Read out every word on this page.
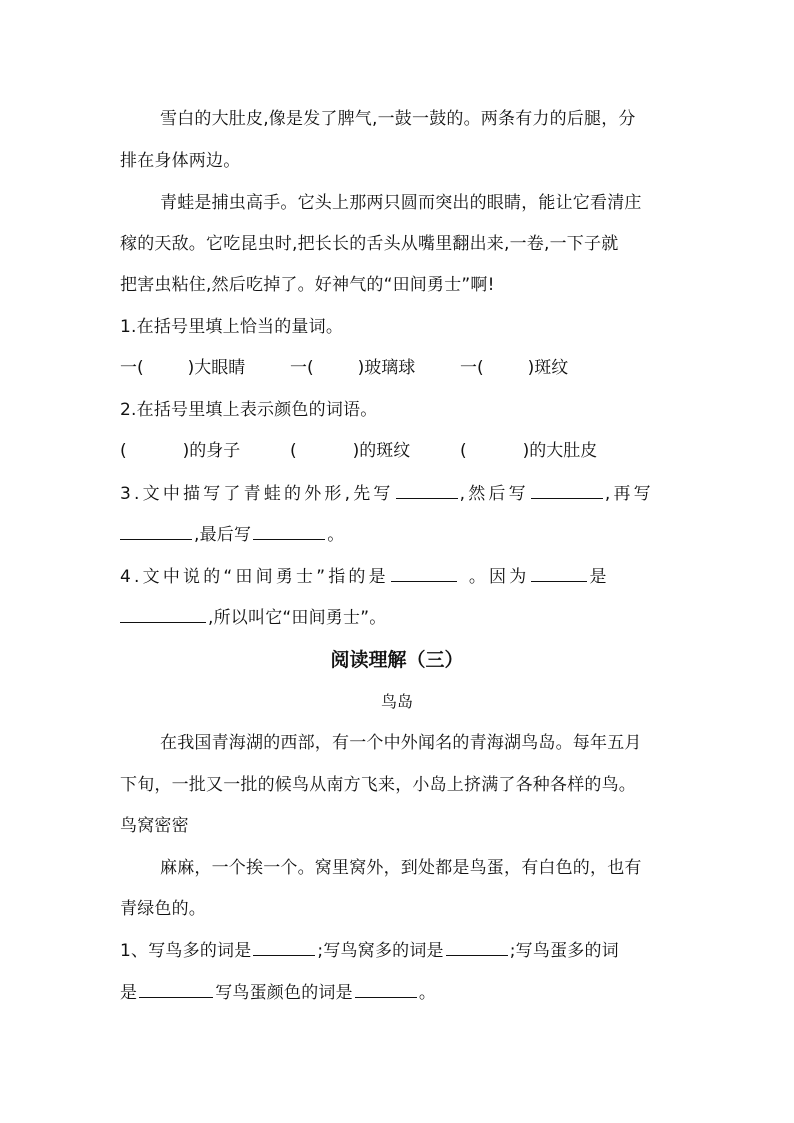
雪白的大肚皮,像是发了脾气,一鼓一鼓的。两条有力的后腿，分
排在身体两边。
青蛙是捕虫高手。它头上那两只圆而突出的眼睛，能让它看清庄
稼的天敌。它吃昆虫时,把长长的舌头从嘴里翻出来,一卷,一下子就
把害虫粘住,然后吃掉了。好神气的“田间勇士”啊!
1.在括号里填上恰当的量词。
一(	)大眼睛	一(	)玻璃球	一(	)斑纹
2.在括号里填上表示颜色的词语。
(	)的身子	(	)的斑纹	(	)的大肚皮
3.文中描写了青蛙的外形,先写	,然后写	,再写
,最后写	。
4.文中说的“田间勇士”指的是	。因为	是
,所以叫它“田间勇士”。
阅读理解（三）
鸟岛
在我国青海湖的西部，有一个中外闻名的青海湖鸟岛。每年五月
下旬，一批又一批的候鸟从南方飞来，小岛上挤满了各种各样的鸟。
鸟窝密密
麻麻，一个挨一个。窝里窝外，到处都是鸟蛋，有白色的，也有
青绿色的。
1、写鸟多的词是	;写鸟窝多的词是	;写鸟蛋多的词
是	写鸟蛋颜色的词是	。
